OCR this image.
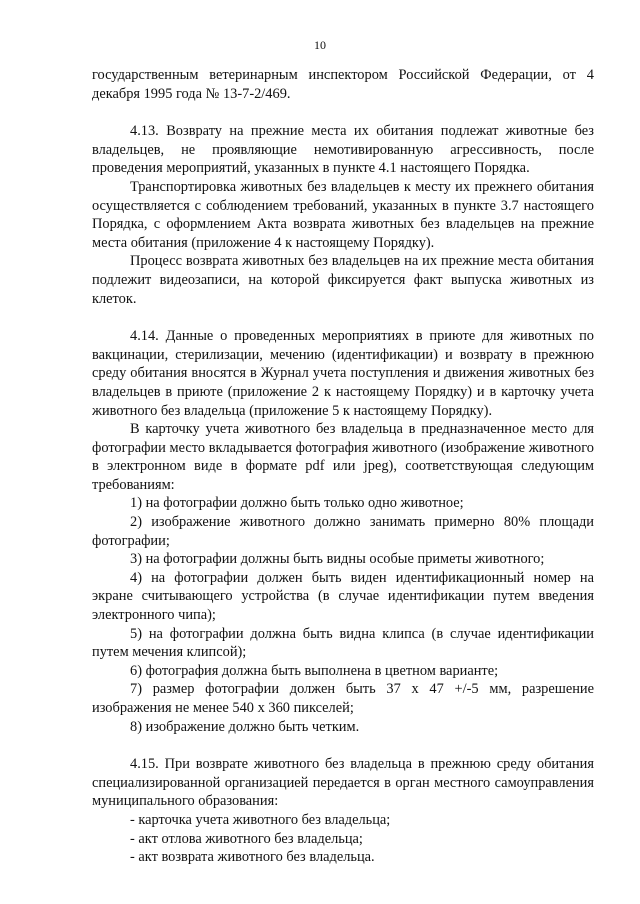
10
государственным ветеринарным инспектором Российской Федерации, от 4 декабря 1995 года № 13-7-2/469.
4.13. Возврату на прежние места их обитания подлежат животные без владельцев, не проявляющие немотивированную агрессивность, после проведения мероприятий, указанных в пункте 4.1 настоящего Порядка.
Транспортировка животных без владельцев к месту их прежнего обитания осуществляется с соблюдением требований, указанных в пункте 3.7 настоящего Порядка, с оформлением Акта возврата животных без владельцев на прежние места обитания (приложение 4 к настоящему Порядку).
Процесс возврата животных без владельцев на их прежние места обитания подлежит видеозаписи, на которой фиксируется факт выпуска животных из клеток.
4.14. Данные о проведенных мероприятиях в приюте для животных по вакцинации, стерилизации, мечению (идентификации) и возврату в прежнюю среду обитания вносятся в Журнал учета поступления и движения животных без владельцев в приюте (приложение 2 к настоящему Порядку) и в карточку учета животного без владельца (приложение 5 к настоящему Порядку).
В карточку учета животного без владельца в предназначенное место для фотографии место вкладывается фотография животного (изображение животного в электронном виде в формате pdf или jpeg), соответствующая следующим требованиям:
1) на фотографии должно быть только одно животное;
2) изображение животного должно занимать примерно 80% площади фотографии;
3) на фотографии должны быть видны особые приметы животного;
4) на фотографии должен быть виден идентификационный номер на экране считывающего устройства (в случае идентификации путем введения электронного чипа);
5) на фотографии должна быть видна клипса (в случае идентификации путем мечения клипсой);
6) фотография должна быть выполнена в цветном варианте;
7) размер фотографии должен быть 37 х 47 +/-5 мм, разрешение изображения не менее 540 х 360 пикселей;
8) изображение должно быть четким.
4.15. При возврате животного без владельца в прежнюю среду обитания специализированной организацией передается в орган местного самоуправления муниципального образования:
- карточка учета животного без владельца;
- акт отлова животного без владельца;
- акт возврата животного без владельца.
